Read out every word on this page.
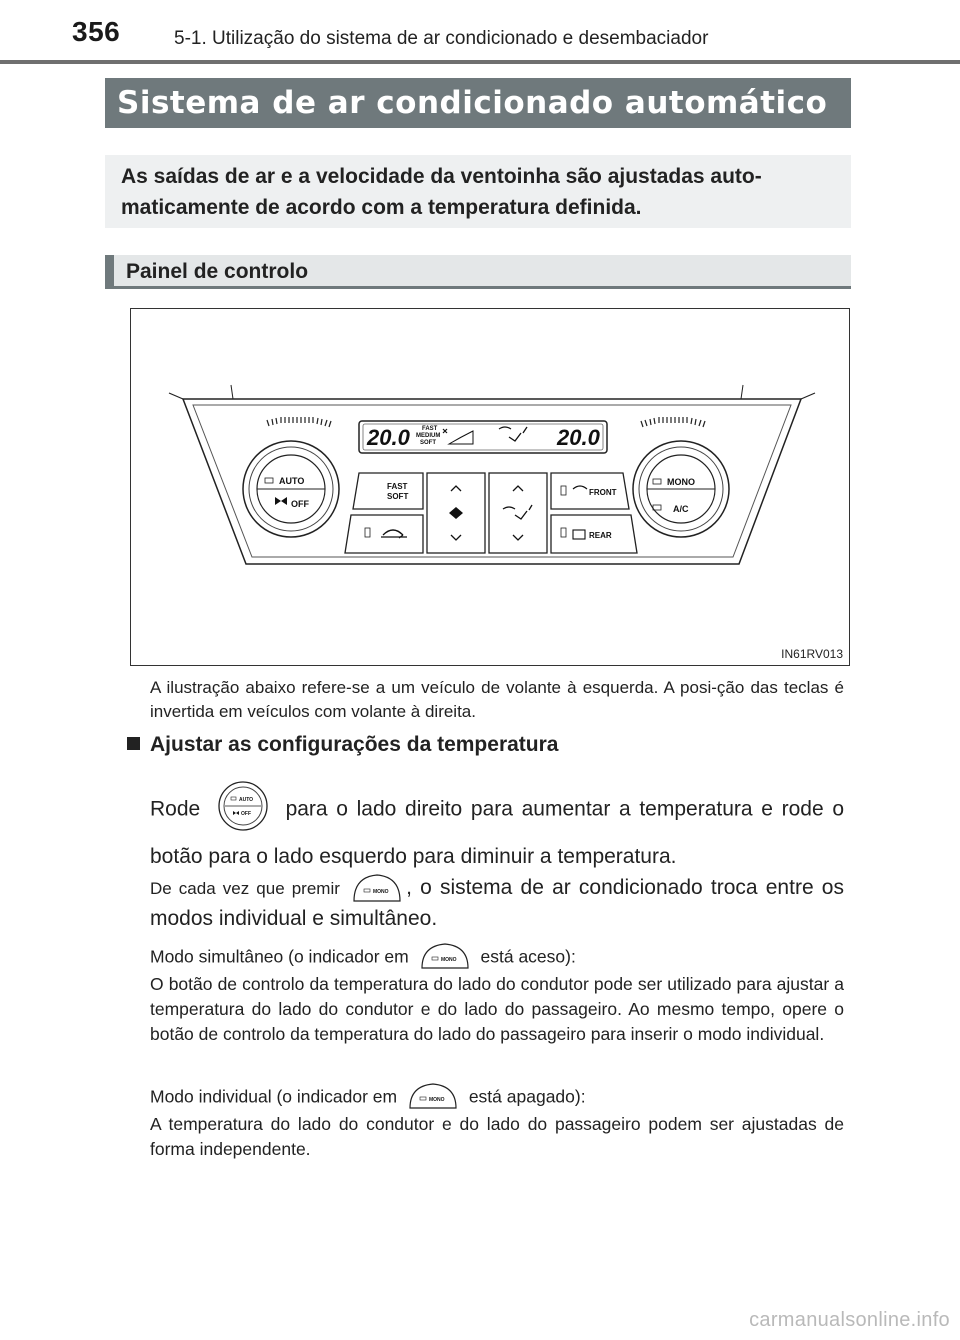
356	5-1. Utilização do sistema de ar condicionado e desembaciador
Sistema de ar condicionado automático
As saídas de ar e a velocidade da ventoinha são ajustadas auto-maticamente de acordo com a temperatura definida.
Painel de controlo
20.0 FAST
MEDIUM
SOFT	20.0
AUTO
OFF
MONO
A/C
FAST
SOFT	FRONT
REAR
IN61RV013
A ilustração abaixo refere-se a um veículo de volante à esquerda. A posi-ção das teclas é invertida em veículos com volante à direita.
Ajustar as configurações da temperatura
Rode	AUTO
OFF para o lado direito para aumentar a temperatura e rode o botão para o lado esquerdo para diminuir a temperatura.
De cada vez que premir	MONO , o sistema de ar condicionado troca entre os modos individual e simultâneo.
Modo simultâneo (o indicador em	MONO está aceso):
O botão de controlo da temperatura do lado do condutor pode ser utilizado para ajustar a temperatura do lado do condutor e do lado do passageiro. Ao mesmo tempo, opere o botão de controlo da temperatura do lado do passageiro para inserir o modo individual.
Modo individual (o indicador em	MONO está apagado):
A temperatura do lado do condutor e do lado do passageiro podem ser ajustadas de forma independente.
carmanualsonline.info
